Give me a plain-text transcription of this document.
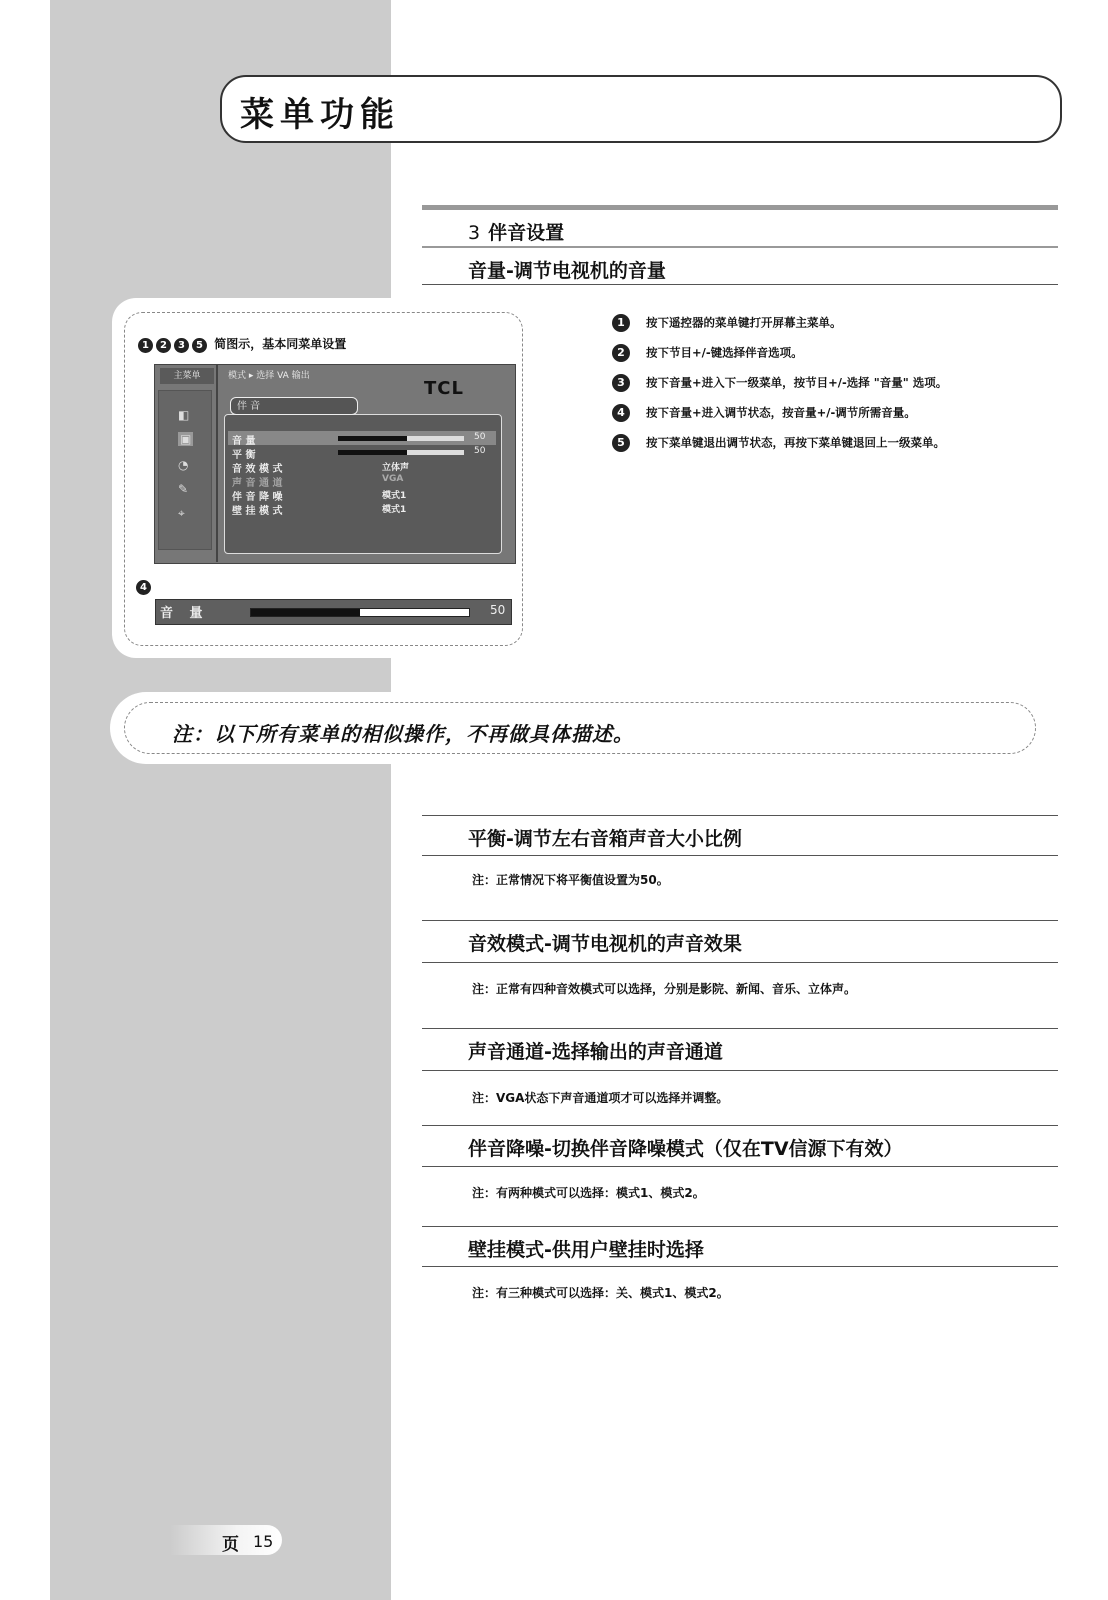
菜单功能
3 伴音设置
音量-调节电视机的音量
1 2 3 5 简图示，基本同菜单设置
主菜单	模式 ▸ 选择 VA 输出
◧
▣
◔
✎
⌖
TCL
伴 音
音 量	50
平 衡	50
音 效 模 式	立体声
声 音 通 道	VGA
伴 音 降 噪	模式1
壁 挂 模 式	模式1
4
音 量	50
1 按下遥控器的菜单键打开屏幕主菜单。
2 按下节目+/-键选择伴音选项。
3 按下音量+进入下一级菜单，按节目+/-选择 "音量" 选项。
4 按下音量+进入调节状态，按音量+/-调节所需音量。
5 按下菜单键退出调节状态，再按下菜单键退回上一级菜单。
注：以下所有菜单的相似操作，不再做具体描述。
平衡-调节左右音箱声音大小比例
注：正常情况下将平衡值设置为50。
音效模式-调节电视机的声音效果
注：正常有四种音效模式可以选择，分别是影院、新闻、音乐、立体声。
声音通道-选择输出的声音通道
注：VGA状态下声音通道项才可以选择并调整。
伴音降噪-切换伴音降噪模式（仅在TV信源下有效）
注：有两种模式可以选择：模式1、模式2。
壁挂模式-供用户壁挂时选择
注：有三种模式可以选择：关、模式1、模式2。
页 15
